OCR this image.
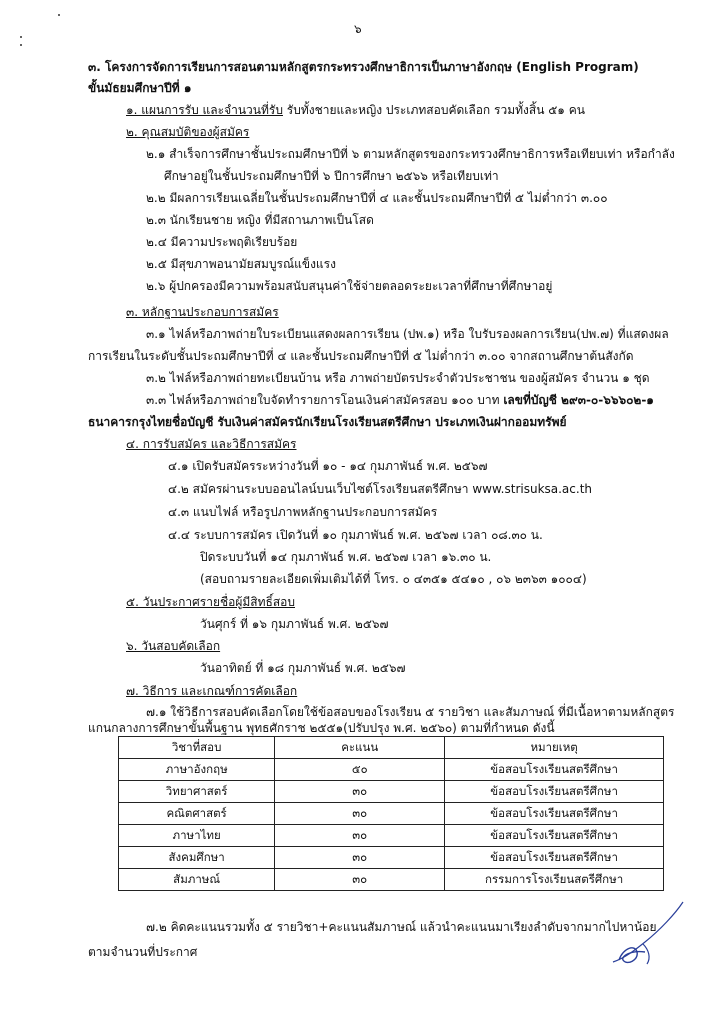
๖
๓. โครงการจัดการเรียนการสอนตามหลักสูตรกระทรวงศึกษาธิการเป็นภาษาอังกฤษ (English Program)
ขั้นมัธยมศึกษาปีที่ ๑
๑. แผนการรับ และจำนวนที่รับ รับทั้งชายและหญิง ประเภทสอบคัดเลือก รวมทั้งสิ้น ๕๑ คน
๒. คุณสมบัติของผู้สมัคร
๒.๑ สำเร็จการศึกษาชั้นประถมศึกษาปีที่ ๖ ตามหลักสูตรของกระทรวงศึกษาธิการหรือเทียบเท่า หรือกำลัง
ศึกษาอยู่ในชั้นประถมศึกษาปีที่ ๖ ปีการศึกษา ๒๕๖๖ หรือเทียบเท่า
๒.๒ มีผลการเรียนเฉลี่ยในชั้นประถมศึกษาปีที่ ๔ และชั้นประถมศึกษาปีที่ ๕ ไม่ต่ำกว่า ๓.๐๐
๒.๓ นักเรียนชาย หญิง ที่มีสถานภาพเป็นโสด
๒.๔ มีความประพฤติเรียบร้อย
๒.๕ มีสุขภาพอนามัยสมบูรณ์แข็งแรง
๒.๖ ผู้ปกครองมีความพร้อมสนับสนุนค่าใช้จ่ายตลอดระยะเวลาที่ศึกษาที่ศึกษาอยู่
๓. หลักฐานประกอบการสมัคร
๓.๑ ไฟล์หรือภาพถ่ายใบระเบียนแสดงผลการเรียน (ปพ.๑) หรือ ใบรับรองผลการเรียน(ปพ.๗) ที่แสดงผล
การเรียนในระดับชั้นประถมศึกษาปีที่ ๔ และชั้นประถมศึกษาปีที่ ๕ ไม่ต่ำกว่า ๓.๐๐ จากสถานศึกษาต้นสังกัด
๓.๒ ไฟล์หรือภาพถ่ายทะเบียนบ้าน หรือ ภาพถ่ายบัตรประจำตัวประชาชน ของผู้สมัคร จำนวน ๑ ชุด
๓.๓ ไฟล์หรือภาพถ่ายใบจัดทำรายการโอนเงินค่าสมัครสอบ ๑๐๐ บาท เลขที่บัญชี ๒๙๓-๐-๖๖๖๐๒-๑
ธนาคารกรุงไทยชื่อบัญชี รับเงินค่าสมัครนักเรียนโรงเรียนสตรีศึกษา ประเภทเงินฝากออมทรัพย์
๔. การรับสมัคร และวิธีการสมัคร
๔.๑ เปิดรับสมัครระหว่างวันที่ ๑๐ - ๑๔ กุมภาพันธ์ พ.ศ. ๒๕๖๗
๔.๒ สมัครผ่านระบบออนไลน์บนเว็บไซต์โรงเรียนสตรีศึกษา www.strisuksa.ac.th
๔.๓ แนบไฟล์ หรือรูปภาพหลักฐานประกอบการสมัคร
๔.๔ ระบบการสมัคร เปิดวันที่ ๑๐ กุมภาพันธ์ พ.ศ. ๒๕๖๗ เวลา ๐๘.๓๐ น.
ปิดระบบวันที่ ๑๔ กุมภาพันธ์ พ.ศ. ๒๕๖๗ เวลา ๑๖.๓๐ น.
(สอบถามรายละเอียดเพิ่มเติมได้ที่ โทร. ๐ ๔๓๕๑ ๕๔๑๐ , ๐๖ ๒๓๖๓ ๑๐๐๔)
๕. วันประกาศรายชื่อผู้มีสิทธิ์สอบ
วันศุกร์ ที่ ๑๖ กุมภาพันธ์ พ.ศ. ๒๕๖๗
๖. วันสอบคัดเลือก
วันอาทิตย์ ที่ ๑๘ กุมภาพันธ์ พ.ศ. ๒๕๖๗
๗. วิธีการ และเกณฑ์การคัดเลือก
๗.๑ ใช้วิธีการสอบคัดเลือกโดยใช้ข้อสอบของโรงเรียน ๕ รายวิชา และสัมภาษณ์ ที่มีเนื้อหาตามหลักสูตร
แกนกลางการศึกษาขั้นพื้นฐาน พุทธศักราช ๒๕๕๑(ปรับปรุง พ.ศ. ๒๕๖๐) ตามที่กำหนด ดังนี้
วิชาที่สอบ	คะแนน	หมายเหตุ
ภาษาอังกฤษ	๕๐	ข้อสอบโรงเรียนสตรีศึกษา
วิทยาศาสตร์	๓๐	ข้อสอบโรงเรียนสตรีศึกษา
คณิตศาสตร์	๓๐	ข้อสอบโรงเรียนสตรีศึกษา
ภาษาไทย	๓๐	ข้อสอบโรงเรียนสตรีศึกษา
สังคมศึกษา	๓๐	ข้อสอบโรงเรียนสตรีศึกษา
สัมภาษณ์	๓๐	กรรมการโรงเรียนสตรีศึกษา
๗.๒ คิดคะแนนรวมทั้ง ๕ รายวิชา+คะแนนสัมภาษณ์ แล้วนำคะแนนมาเรียงลำดับจากมากไปหาน้อย
ตามจำนวนที่ประกาศ
